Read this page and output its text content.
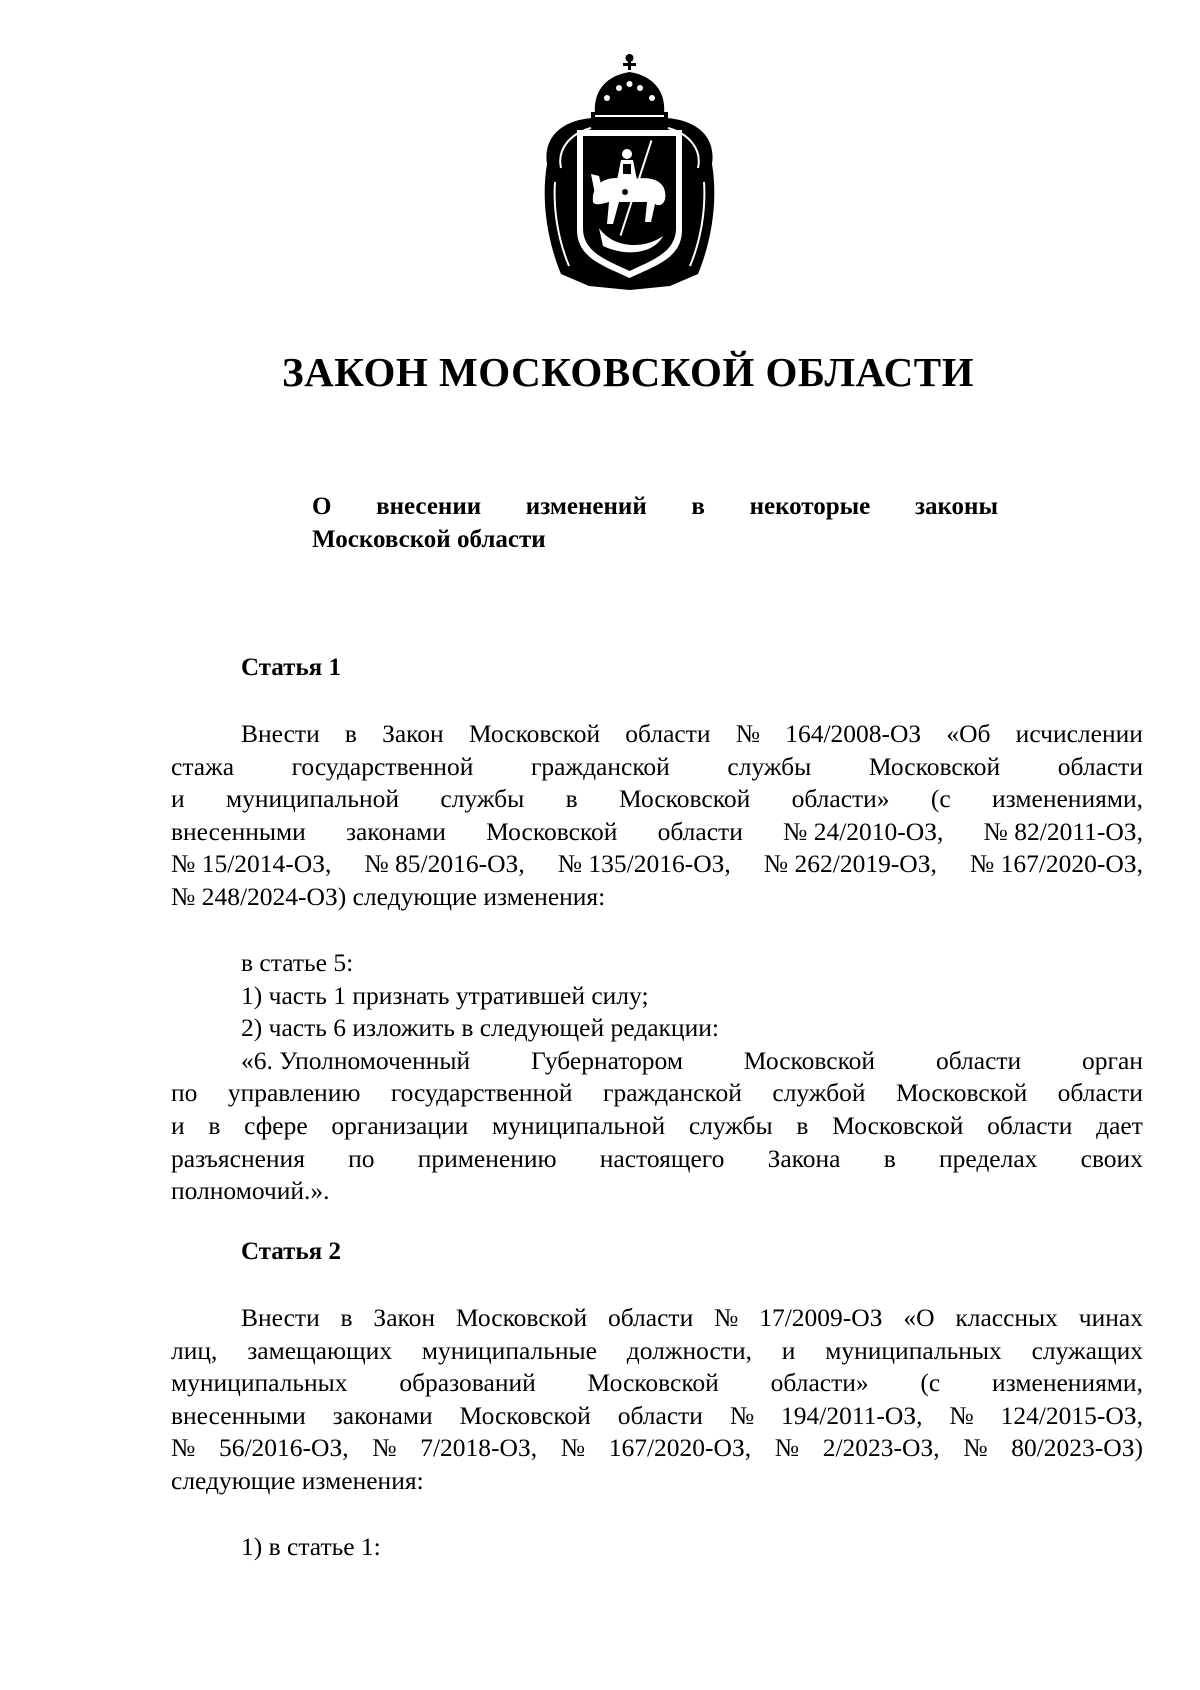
ЗАКОН МОСКОВСКОЙ ОБЛАСТИ
О внесении изменений в некоторые законы
Московской области
Статья 1
Внести в Закон Московской области № 164/2008-ОЗ «Об исчислении
стажа государственной гражданской службы Московской области
и муниципальной службы в Московской области» (с изменениями,
внесенными законами Московской области № 24/2010-ОЗ, № 82/2011-ОЗ,
№ 15/2014-ОЗ, № 85/2016-ОЗ, № 135/2016-ОЗ, № 262/2019-ОЗ, № 167/2020-ОЗ,
№ 248/2024-ОЗ) следующие изменения:
в статье 5:
1) часть 1 признать утратившей силу;
2) часть 6 изложить в следующей редакции:
«6. Уполномоченный Губернатором Московской области орган
по управлению государственной гражданской службой Московской области
и в сфере организации муниципальной службы в Московской области дает
разъяснения по применению настоящего Закона в пределах своих
полномочий.».
Статья 2
Внести в Закон Московской области № 17/2009-ОЗ «О классных чинах
лиц, замещающих муниципальные должности, и муниципальных служащих
муниципальных образований Московской области» (с изменениями,
внесенными законами Московской области № 194/2011-ОЗ, № 124/2015-ОЗ,
№ 56/2016-ОЗ, № 7/2018-ОЗ, № 167/2020-ОЗ, № 2/2023-ОЗ, № 80/2023-ОЗ)
следующие изменения:
1) в статье 1:
